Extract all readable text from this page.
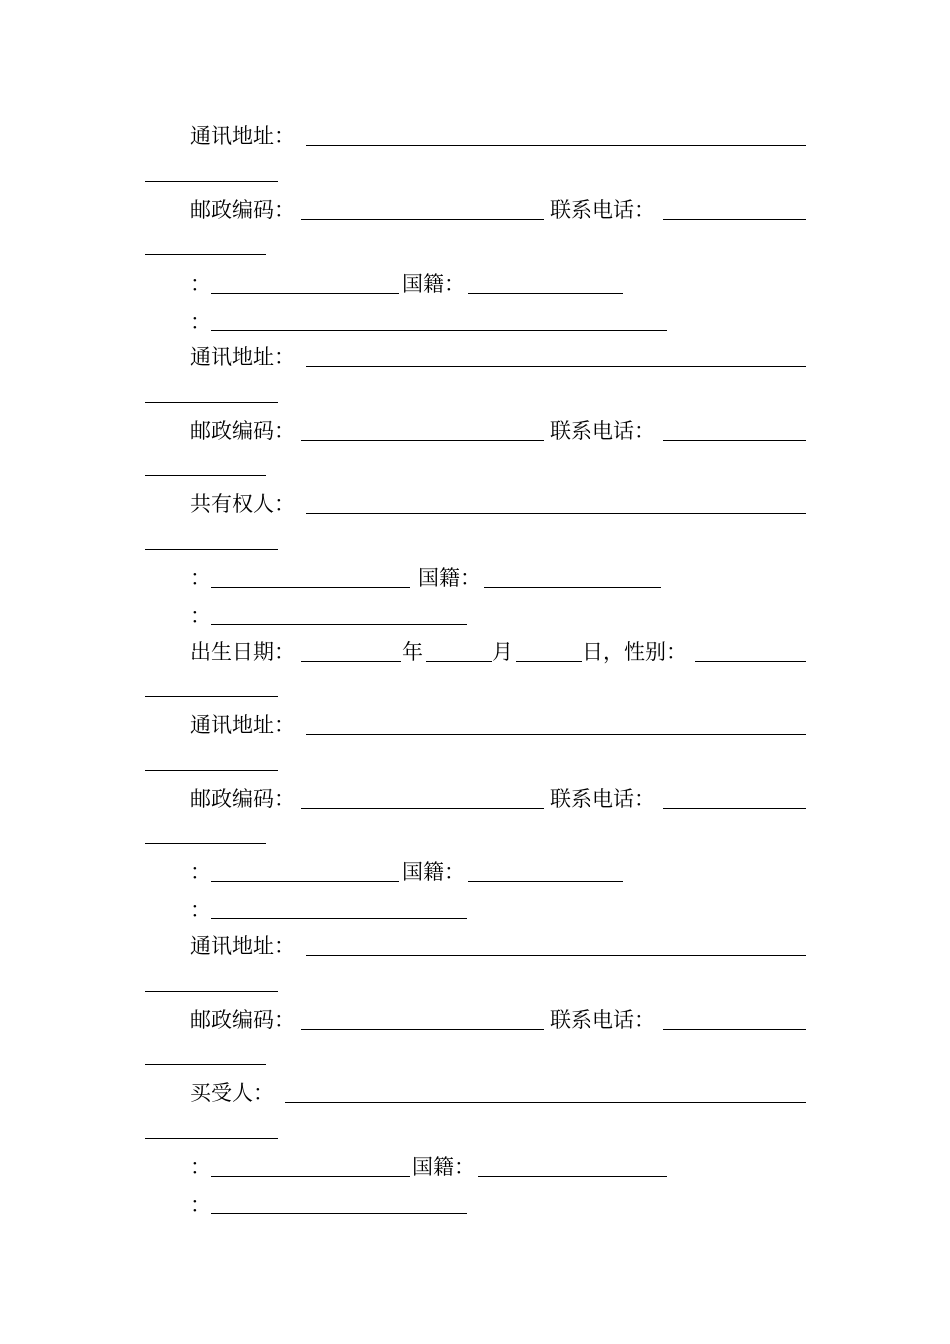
通讯地址：
邮政编码：	联系电话：
：	国籍：
：
通讯地址：
邮政编码：	联系电话：
共有权人：
：	国籍：
：
出生日期：	年	月	日，性别：
通讯地址：
邮政编码：	联系电话：
：	国籍：
：
通讯地址：
邮政编码：	联系电话：
买受人：
：	国籍：
：
